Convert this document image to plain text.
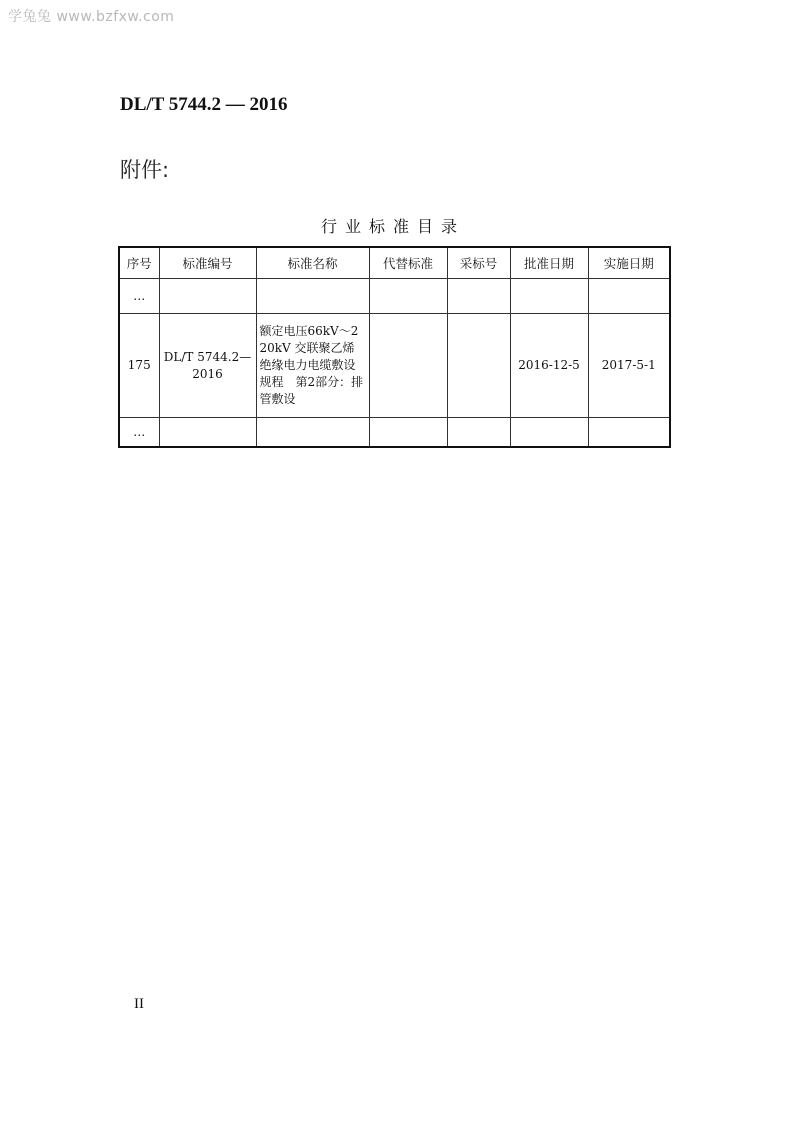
学兔兔 www.bzfxw.com
DL/T 5744.2 — 2016
附件:
行业标准目录
序号	标准编号	标准名称	代替标准	采标号	批准日期	实施日期
…						
175	DL/T 5744.2—2016	额定电压66kV～220kV 交联聚乙烯绝缘电力电缆敷设规程　第2部分：排管敷设			2016-12-5	2017-5-1
…						
II
